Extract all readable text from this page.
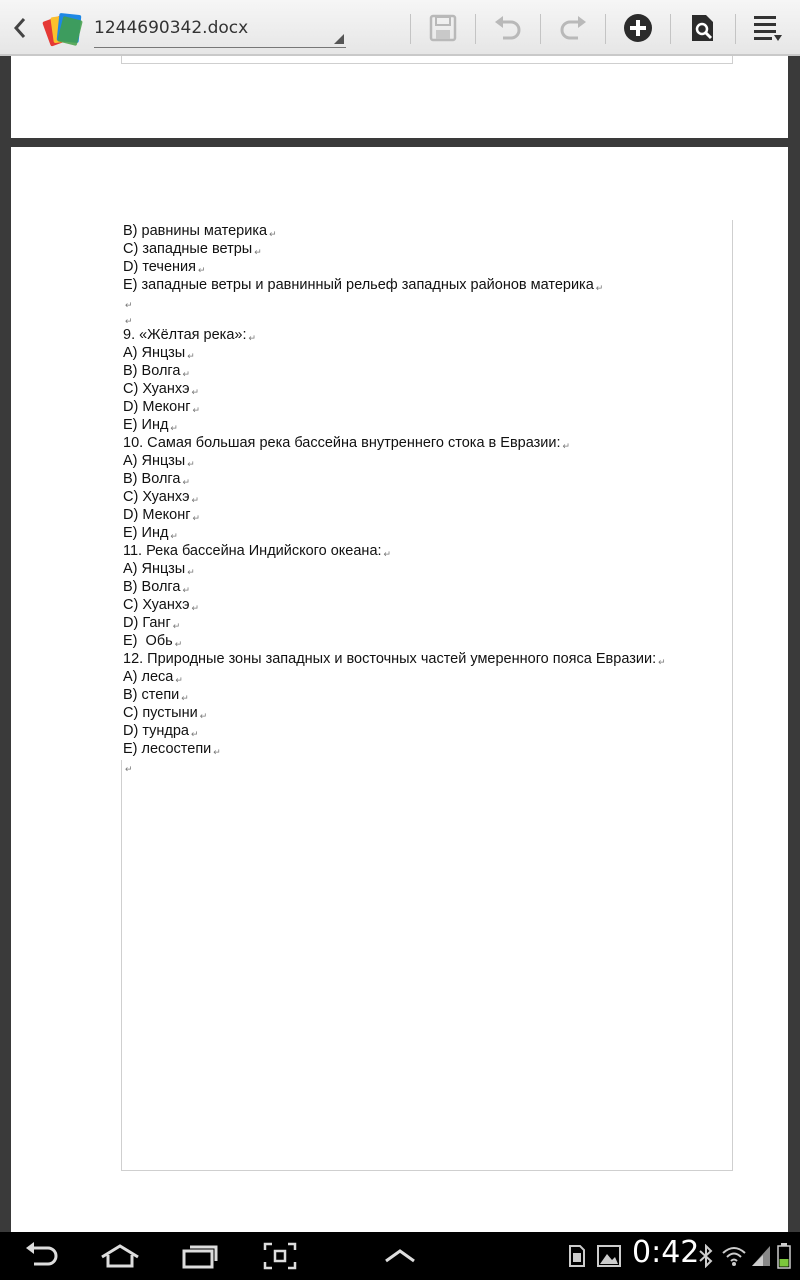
1244690342.docx
B) равнины материка ↵
C) западные ветры ↵
D) течения ↵
E) западные ветры и равнинный рельеф западных районов материка ↵
↵
↵
9. «Жёлтая река»: ↵
A) Янцзы ↵
B) Волга ↵
C) Хуанхэ ↵
D) Меконг ↵
E) Инд ↵
10. Самая большая река бассейна внутреннего стока в Евразии: ↵
A) Янцзы ↵
B) Волга ↵
C) Хуанхэ ↵
D) Меконг ↵
E) Инд ↵
11. Река бассейна Индийского океана: ↵
A) Янцзы ↵
B) Волга ↵
C) Хуанхэ ↵
D) Ганг ↵
E)  Обь ↵
12. Природные зоны западных и восточных частей умеренного пояса Евразии: ↵
A) леса ↵
B) степи ↵
C) пустыни ↵
D) тундра ↵
E) лесостепи ↵
↵
0:42
